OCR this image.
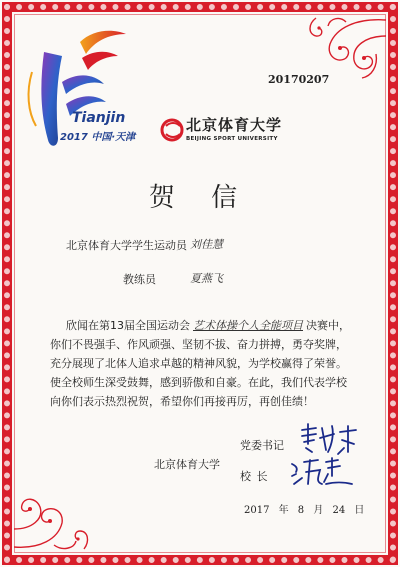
Tianjin
2017 中国·天津
20170207
北京体育大学
BEIJING SPORT UNIVERSITY
贺 信
北京体育大学学生运动员 刘佳慧
教练员	夏燕飞
欣闻在第13届全国运动会 艺术体操个人全能项目 决赛中，
你们不畏强手、作风顽强、坚韧不拔、奋力拼搏，勇夺奖牌，
充分展现了北体人追求卓越的精神风貌，为学校赢得了荣誉。
使全校师生深受鼓舞，感到骄傲和自豪。在此，我们代表学校
向你们表示热烈祝贺，希望你们再接再厉，再创佳绩！
北京体育大学
党委书记
校 长
2017 年 8 月 24 日
